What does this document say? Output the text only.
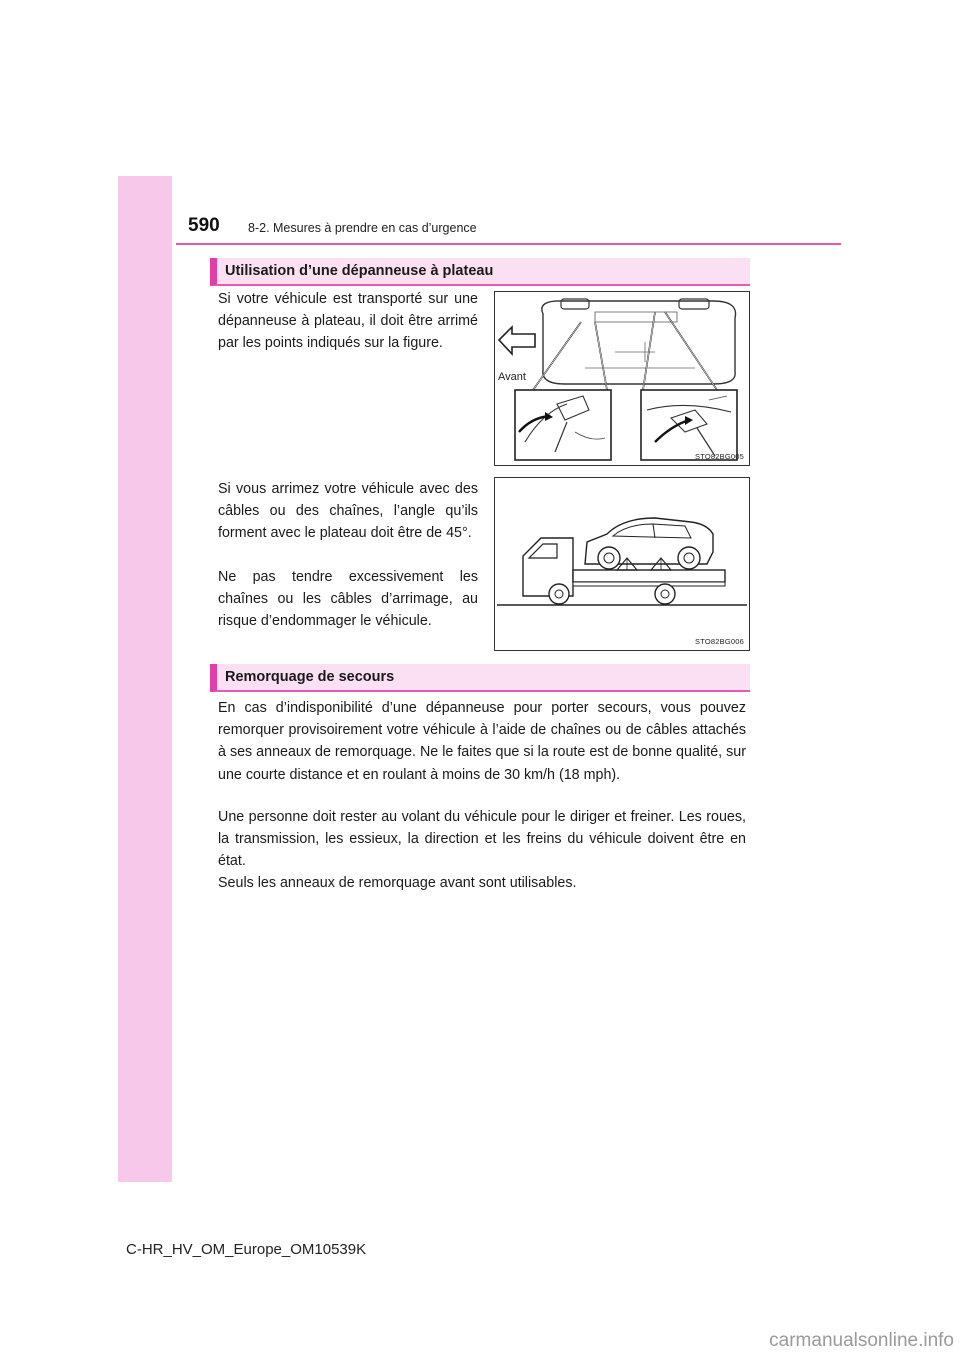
590 8-2. Mesures à prendre en cas d’urgence
Utilisation d’une dépanneuse à plateau

Si votre véhicule est transporté sur une dépanneuse à plateau, il doit être arrimé par les points indiqués sur la figure.

Avant
STO82BG005

Si vous arrimez votre véhicule avec des câbles ou des chaînes, l’angle qu’ils forment avec le plateau doit être de 45°.

Ne pas tendre excessivement les chaînes ou les câbles d’arrimage, au risque d’endommager le véhicule.

STO82BG006
Remorquage de secours

En cas d’indisponibilité d’une dépanneuse pour porter secours, vous pouvez remorquer provisoirement votre véhicule à l’aide de chaînes ou de câbles attachés à ses anneaux de remorquage. Ne le faites que si la route est de bonne qualité, sur une courte distance et en roulant à moins de 30 km/h (18 mph).

Une personne doit rester au volant du véhicule pour le diriger et freiner. Les roues, la transmission, les essieux, la direction et les freins du véhicule doivent être en état.

Seuls les anneaux de remorquage avant sont utilisables.

C-HR_HV_OM_Europe_OM10539K
carmanualsonline.info
